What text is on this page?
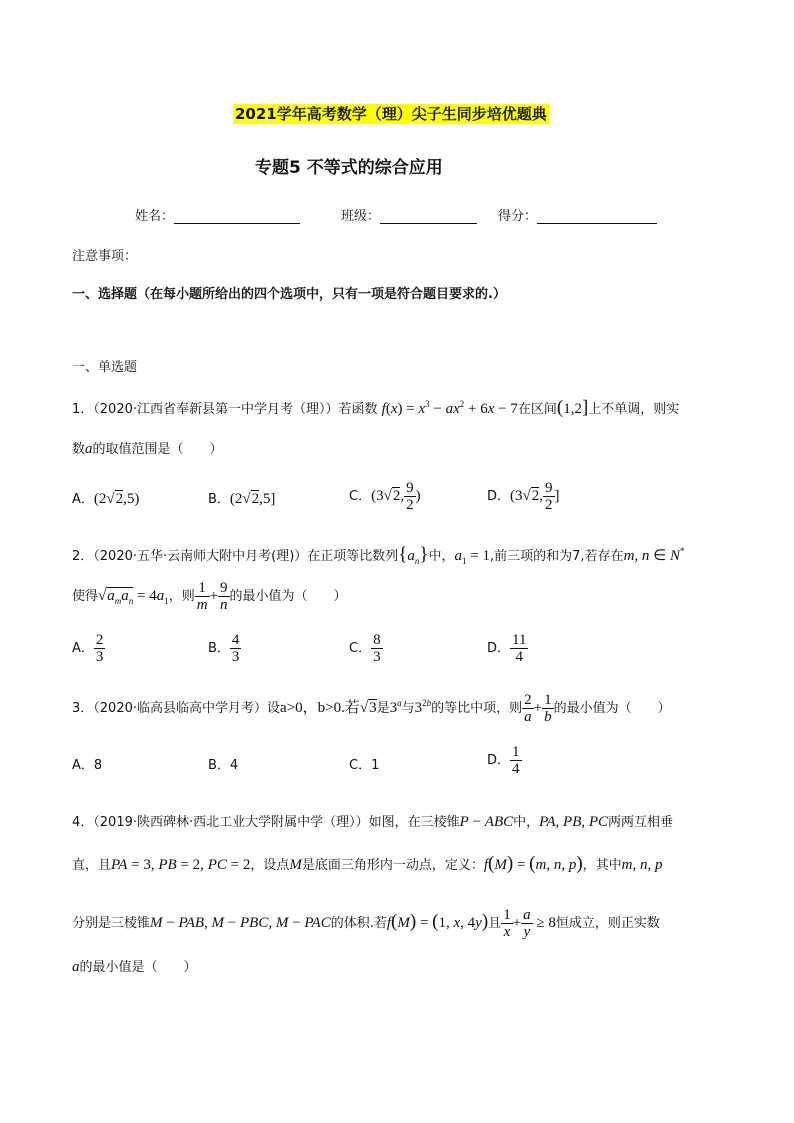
2021学年高考数学（理）尖子生同步培优题典
专题5 不等式的综合应用
姓名：	班级：	得分：
注意事项：
一、选择题（在每小题所给出的四个选项中，只有一项是符合题目要求的.）
一、单选题
1．（2020·江西省奉新县第一中学月考（理））若函数 $f(x) = x^3 - ax^2 + 6x - 7$在区间(1,2]上不单调，则实
数a的取值范围是（　　）
A．(2√2,5)	B．(2√2,5]	C．(3√2, $\frac{9}{2}$ )	D．(3√2, $\frac{9}{2}$ ]
2．（2020·五华·云南师大附中月考(理)）在正项等比数列$\{a_n\}$中，$a_1 = 1$,前三项的和为7,若存在m, n ∈ N*
使得$√a_ma_n = 4a_1$，则 $\frac{1}{m} + \frac{9}{n}$ 的最小值为（　　）
A． $\frac{2}{3}$	B． $\frac{4}{3}$	C． $\frac{8}{3}$	D． $\frac{11}{4}$
3．（2020·临高县临高中学月考）设a>0，b>0.若√3是3$^a$与$3^{2b}$的等比中项，则 $\frac{2}{a} + \frac{1}{b}$ 的最小值为（　　）
A．8	B．4	C．1	D． $\frac{1}{4}$
4．（2019·陕西碑林·西北工业大学附属中学（理））如图，在三棱锥P − ABC中，PA, PB, PC两两互相垂
直，且PA = 3, PB = 2, PC = 2，设点M是底面三角形内一动点，定义：f(M) = (m, n, p)，其中m, n, p
分别是三棱锥M − PAB, M − PBC, M − PAC的体积.若f(M) = (1, x, 4y)且 $\frac{1}{x} + \frac{a}{y} \ge 8$恒成立，则正实数
a的最小值是（　　）
